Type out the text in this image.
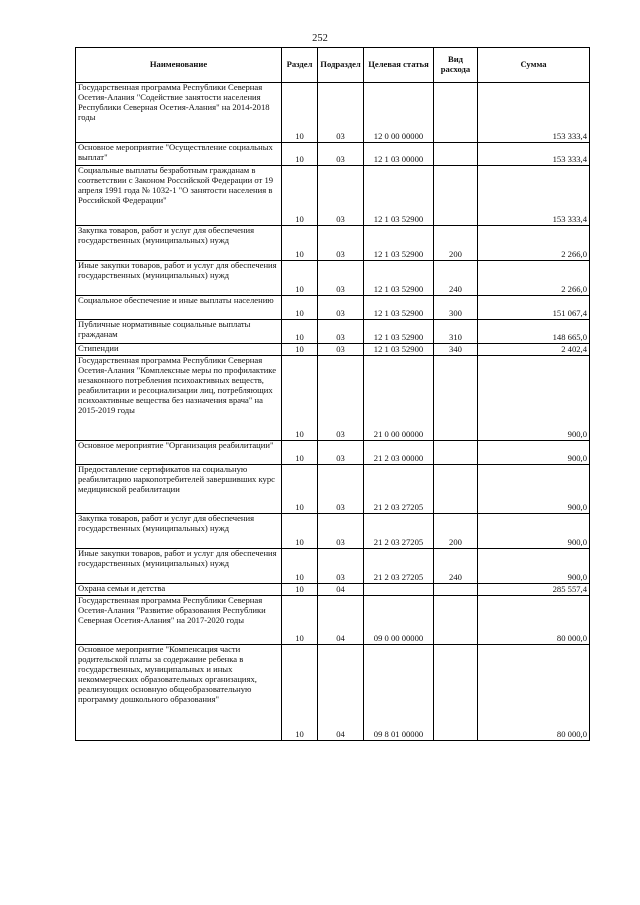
252
Наименование	Раздел	Подраздел	Целевая статья	Вид расхода	Сумма
Государственная программа Республики Северная Осетия-Алания "Содействие занятости населения Республики Северная Осетия-Алания" на 2014-2018 годы	10	03	12 0 00 00000		153 333,4
Основное мероприятие "Осуществление социальных выплат"	10	03	12 1 03 00000		153 333,4
Социальные выплаты безработным гражданам в соответствии с Законом Российской Федерации от 19 апреля 1991 года № 1032-1 "О занятости населения в Российской Федерации"	10	03	12 1 03 52900		153 333,4
Закупка товаров, работ и услуг для обеспечения государственных (муниципальных) нужд	10	03	12 1 03 52900	200	2 266,0
Иные закупки товаров, работ и услуг для обеспечения государственных (муниципальных) нужд	10	03	12 1 03 52900	240	2 266,0
Социальное обеспечение и иные выплаты населению	10	03	12 1 03 52900	300	151 067,4
Публичные нормативные социальные выплаты гражданам	10	03	12 1 03 52900	310	148 665,0
Стипендии	10	03	12 1 03 52900	340	2 402,4
Государственная программа Республики Северная Осетия-Алания "Комплексные меры по профилактике незаконного потребления психоактивных веществ, реабилитации и ресоциализации лиц, потребляющих психоактивные вещества без назначения врача" на 2015-2019 годы	10	03	21 0 00 00000		900,0
Основное мероприятие "Организация реабилитации"	10	03	21 2 03 00000		900,0
Предоставление сертификатов на социальную реабилитацию наркопотребителей завершивших курс медицинской реабилитации	10	03	21 2 03 27205		900,0
Закупка товаров, работ и услуг для обеспечения государственных (муниципальных) нужд	10	03	21 2 03 27205	200	900,0
Иные закупки товаров, работ и услуг для обеспечения государственных (муниципальных) нужд	10	03	21 2 03 27205	240	900,0
Охрана семьи и детства	10	04			285 557,4
Государственная программа Республики Северная Осетия-Алания "Развитие образования Республики Северная Осетия-Алания" на 2017-2020 годы	10	04	09 0 00 00000		80 000,0
Основное мероприятие "Компенсация части родительской платы за содержание ребенка в государственных, муниципальных и иных некоммерческих образовательных организациях, реализующих основную общеобразовательную программу дошкольного образования"	10	04	09 8 01 00000		80 000,0
